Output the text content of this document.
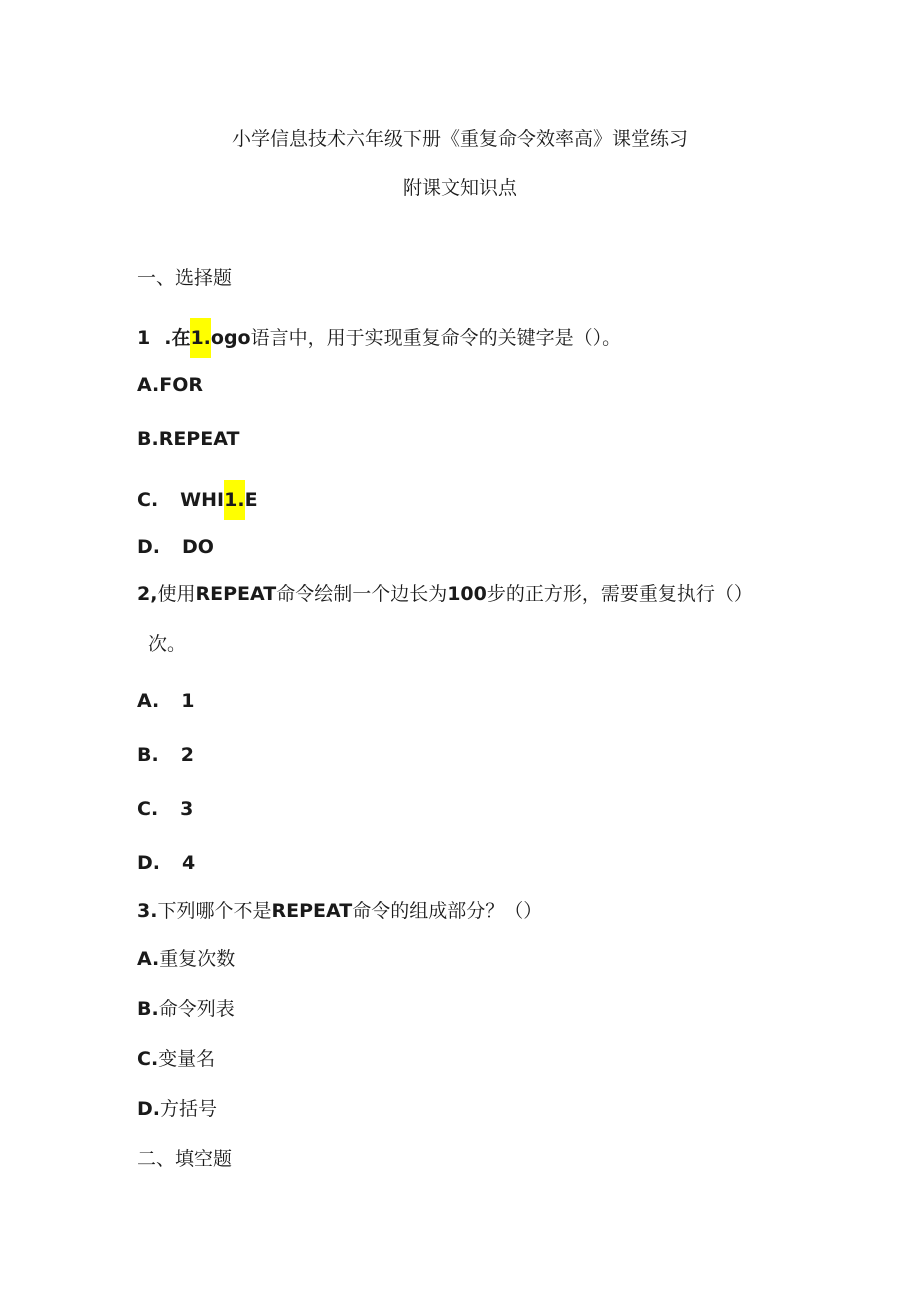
小学信息技术六年级下册《重复命令效率高》课堂练习
附课文知识点
一、选择题
1 .在1.ogo语言中，用于实现重复命令的关键字是（）。
A.FOR
B.REPEAT
C. WHI1.E
D. DO
2,使用REPEAT命令绘制一个边长为100步的正方形，需要重复执行（）
次。
A. 1
B. 2
C. 3
D. 4
3.下列哪个不是REPEAT命令的组成部分？（）
A.重复次数
B.命令列表
C.变量名
D.方括号
二、填空题
